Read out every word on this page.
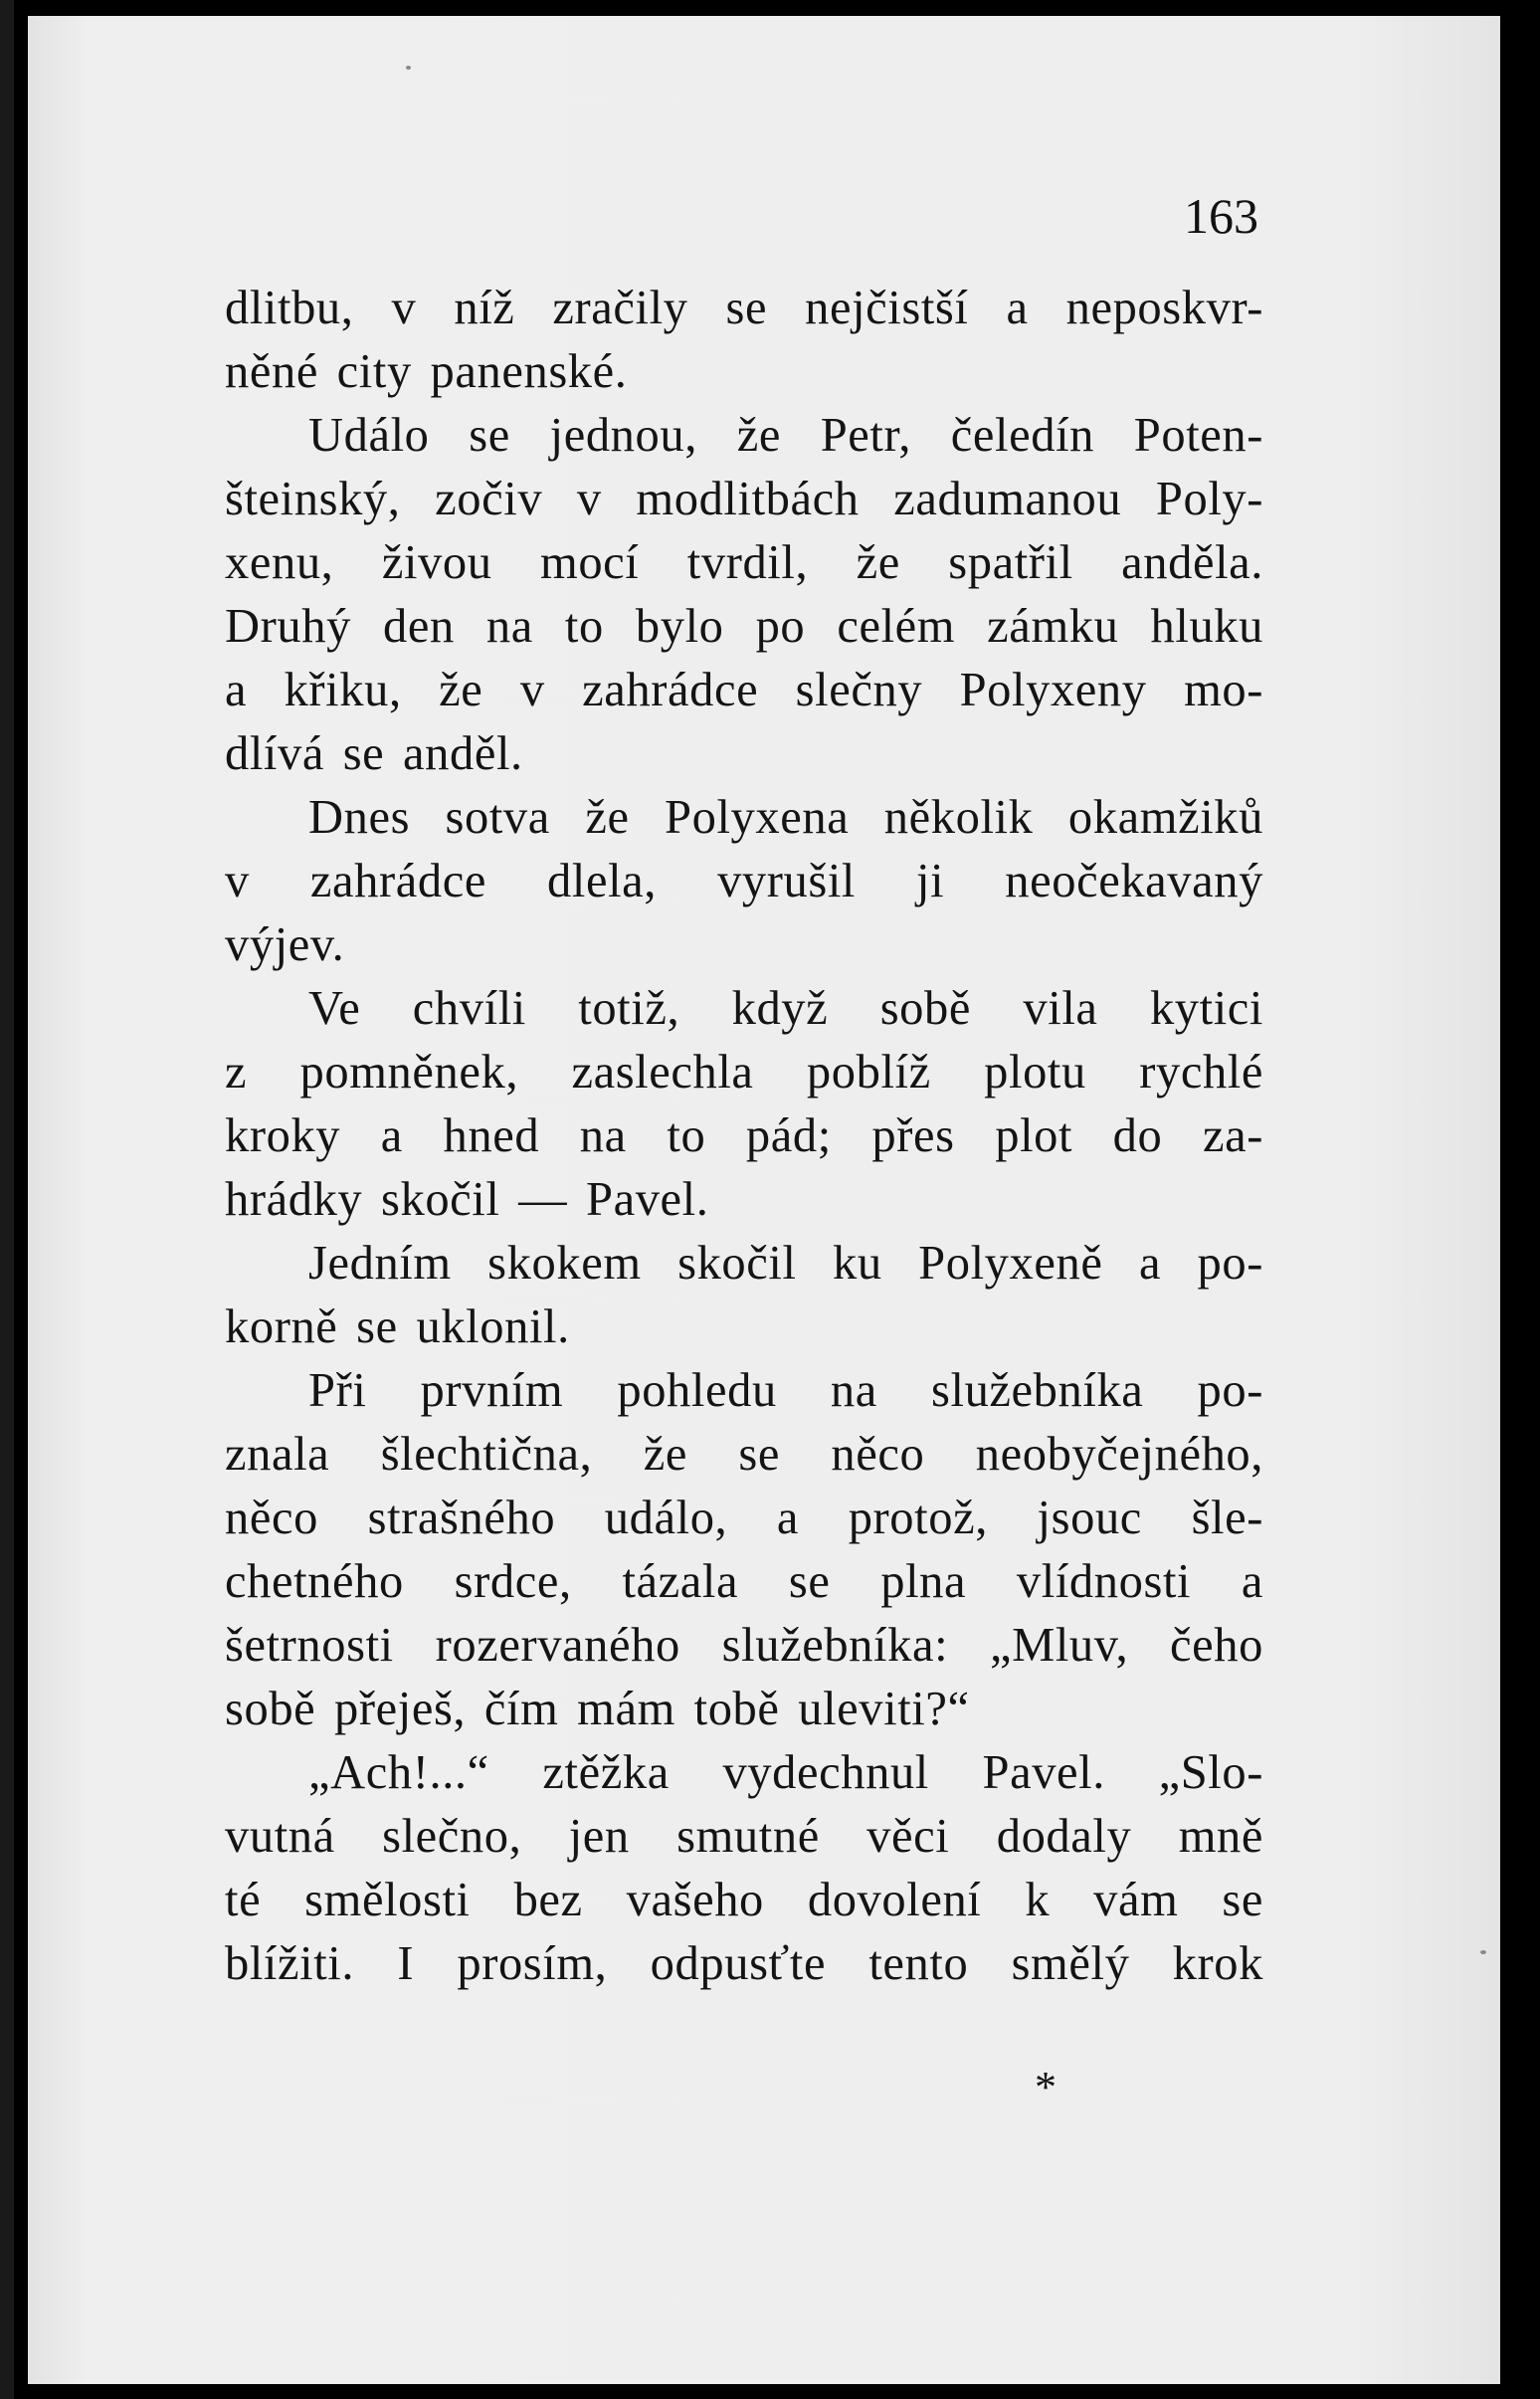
163
dlitbu, v níž zračily se nejčistší a neposkvr-
něné city panenské.
Událo se jednou, že Petr, čeledín Poten-
šteinský, zočiv v modlitbách zadumanou Poly-
xenu, živou mocí tvrdil, že spatřil anděla.
Druhý den na to bylo po celém zámku hluku
a křiku, že v zahrádce slečny Polyxeny mo-
dlívá se anděl.
Dnes sotva že Polyxena několik okamžiků
v zahrádce dlela, vyrušil ji neočekavaný
výjev.
Ve chvíli totiž, když sobě vila kytici
z pomněnek, zaslechla poblíž plotu rychlé
kroky a hned na to pád; přes plot do za-
hrádky skočil — Pavel.
Jedním skokem skočil ku Polyxeně a po-
korně se uklonil.
Při prvním pohledu na služebníka po-
znala šlechtična, že se něco neobyčejného,
něco strašného událo, a protož, jsouc šle-
chetného srdce, tázala se plna vlídnosti a
šetrnosti rozervaného služebníka: „Mluv, čeho
sobě přeješ, čím mám tobě uleviti?“
„Ach!...“ ztěžka vydechnul Pavel. „Slo-
vutná slečno, jen smutné věci dodaly mně
té smělosti bez vašeho dovolení k vám se
blížiti. I prosím, odpusťte tento smělý krok
*
